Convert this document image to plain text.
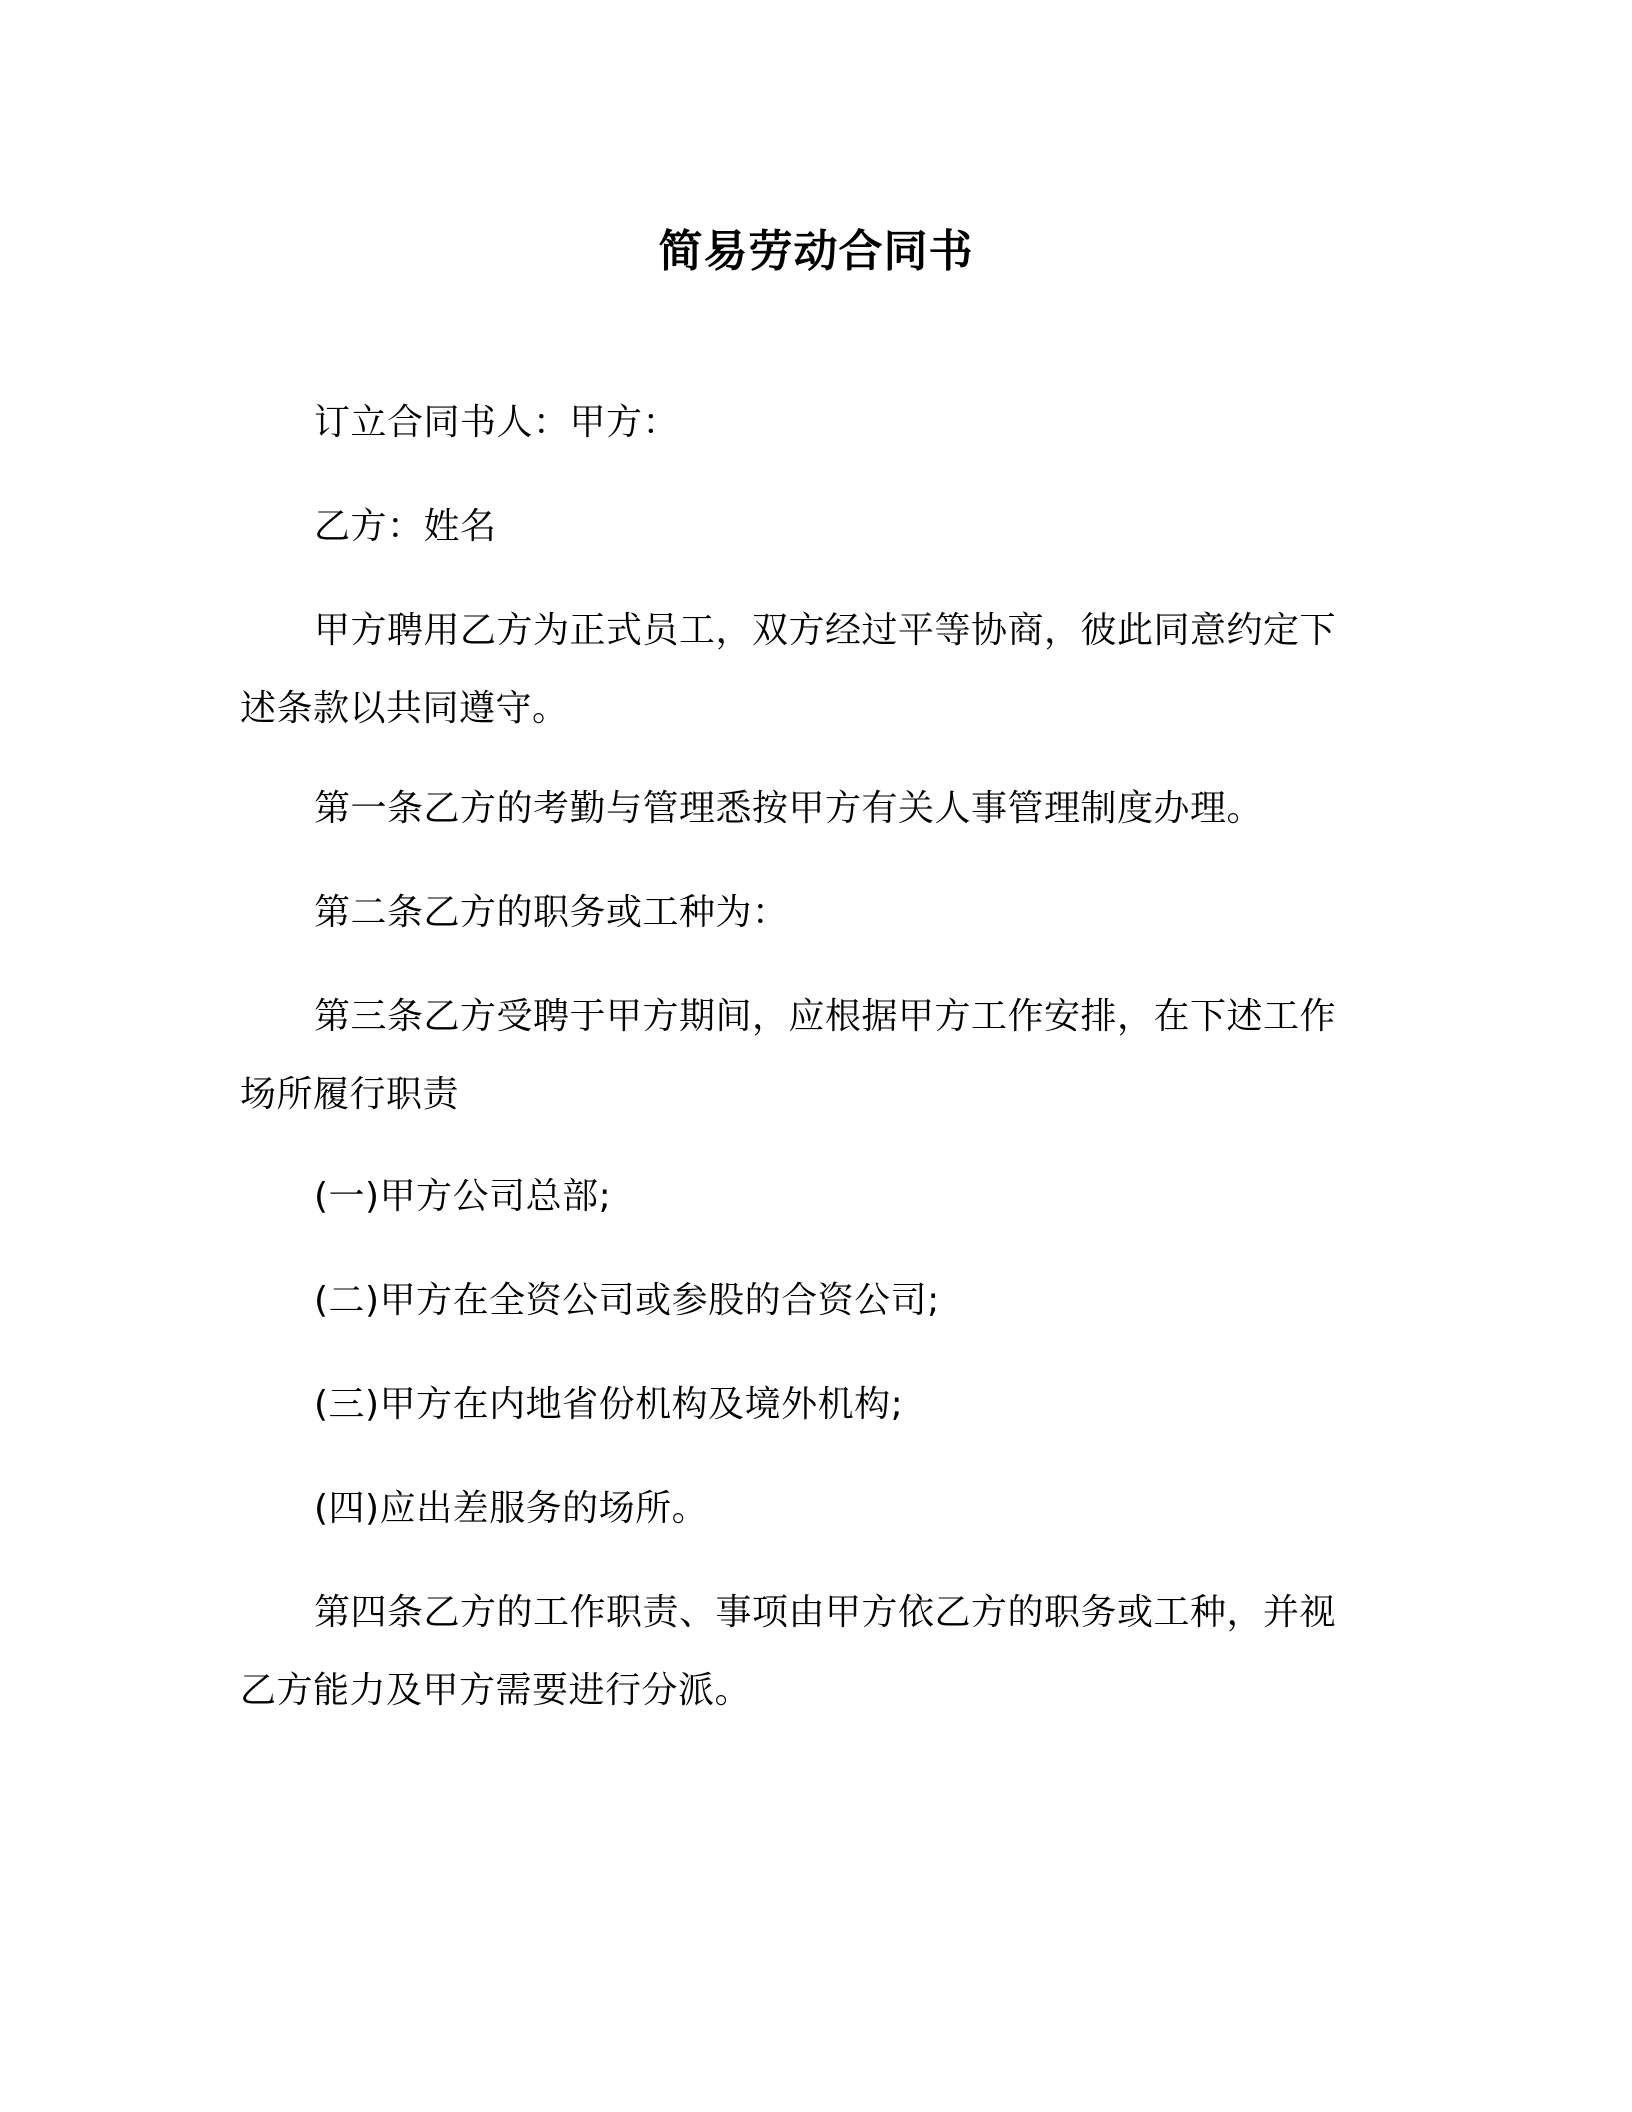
简易劳动合同书

订立合同书人：甲方：

乙方：姓名

甲方聘用乙方为正式员工，双方经过平等协商，彼此同意约定下述条款以共同遵守。

第一条乙方的考勤与管理悉按甲方有关人事管理制度办理。

第二条乙方的职务或工种为：

第三条乙方受聘于甲方期间，应根据甲方工作安排，在下述工作场所履行职责

(一)甲方公司总部;

(二)甲方在全资公司或参股的合资公司;

(三)甲方在内地省份机构及境外机构;

(四)应出差服务的场所。

第四条乙方的工作职责、事项由甲方依乙方的职务或工种，并视乙方能力及甲方需要进行分派。
